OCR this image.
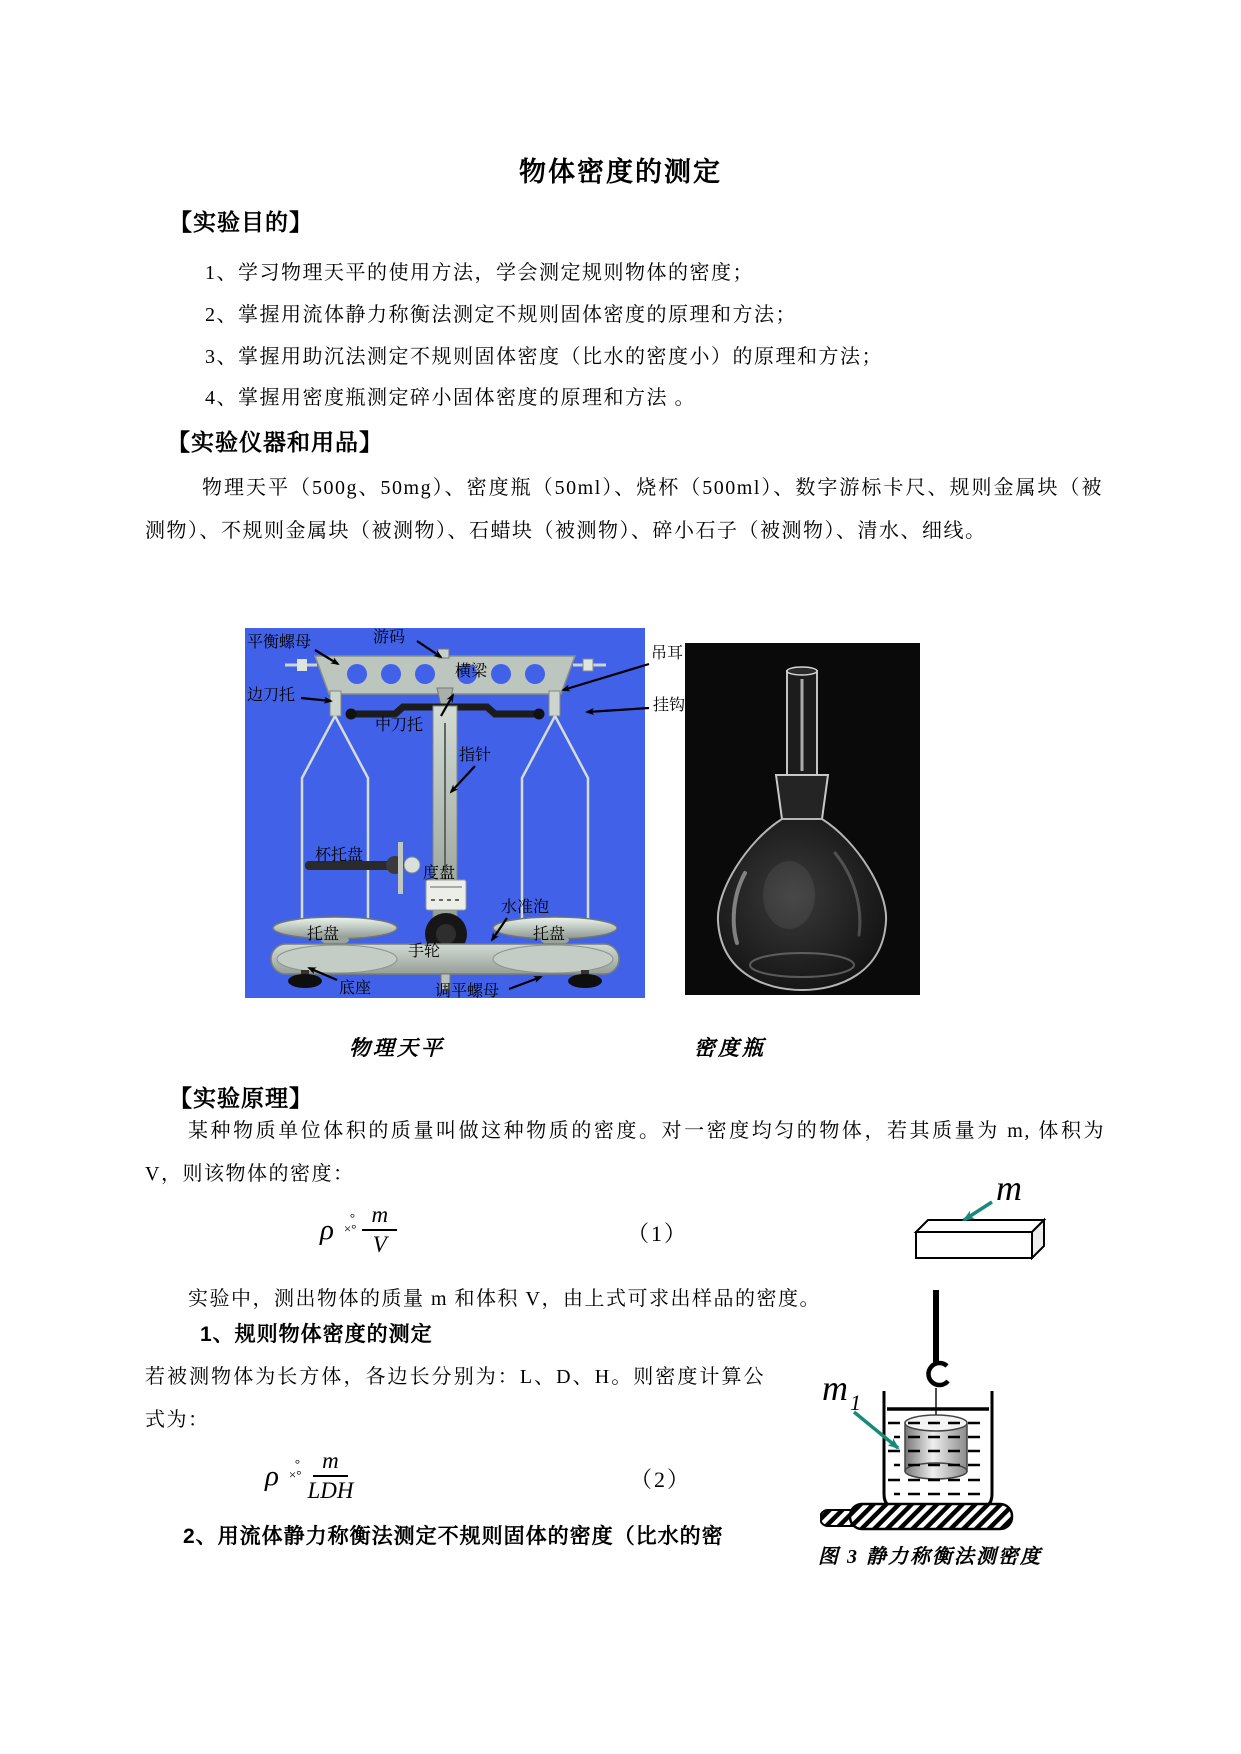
物体密度的测定
【实验目的】
1、学习物理天平的使用方法，学会测定规则物体的密度；
2、掌握用流体静力称衡法测定不规则固体密度的原理和方法；
3、掌握用助沉法测定不规则固体密度（比水的密度小）的原理和方法；
4、掌握用密度瓶测定碎小固体密度的原理和方法 。
【实验仪器和用品】
物理天平（500g、50mg）、密度瓶（50ml）、烧杯（500ml）、数字游标卡尺、规则金属块（被测物）、不规则金属块（被测物）、石蜡块（被测物）、碎小石子（被测物）、清水、细线。
平衡螺母	游码
横梁
边刀托
吊耳
挂钩
中刀托
指针
杯托盘
度盘
水准泡
托盘	托盘
手轮
底座	调平螺母
物理天平	密度瓶
【实验原理】
某种物质单位体积的质量叫做这种物质的密度。对一密度均匀的物体，若其质量为 m, 体积为 V，则该物体的密度：
ρ °
×° $\frac{m}{V}$	（1）
实验中，测出物体的质量 m 和体积 V，由上式可求出样品的密度。
1、规则物体密度的测定
若被测物体为长方体，各边长分别为：L、D、H。则密度计算公式为：
ρ °
×° $\frac{m}{\text{LDH}}$	（2）
2、用流体静力称衡法测定不规则固体的密度（比水的密
m
m 1
图 3 静力称衡法测密度
